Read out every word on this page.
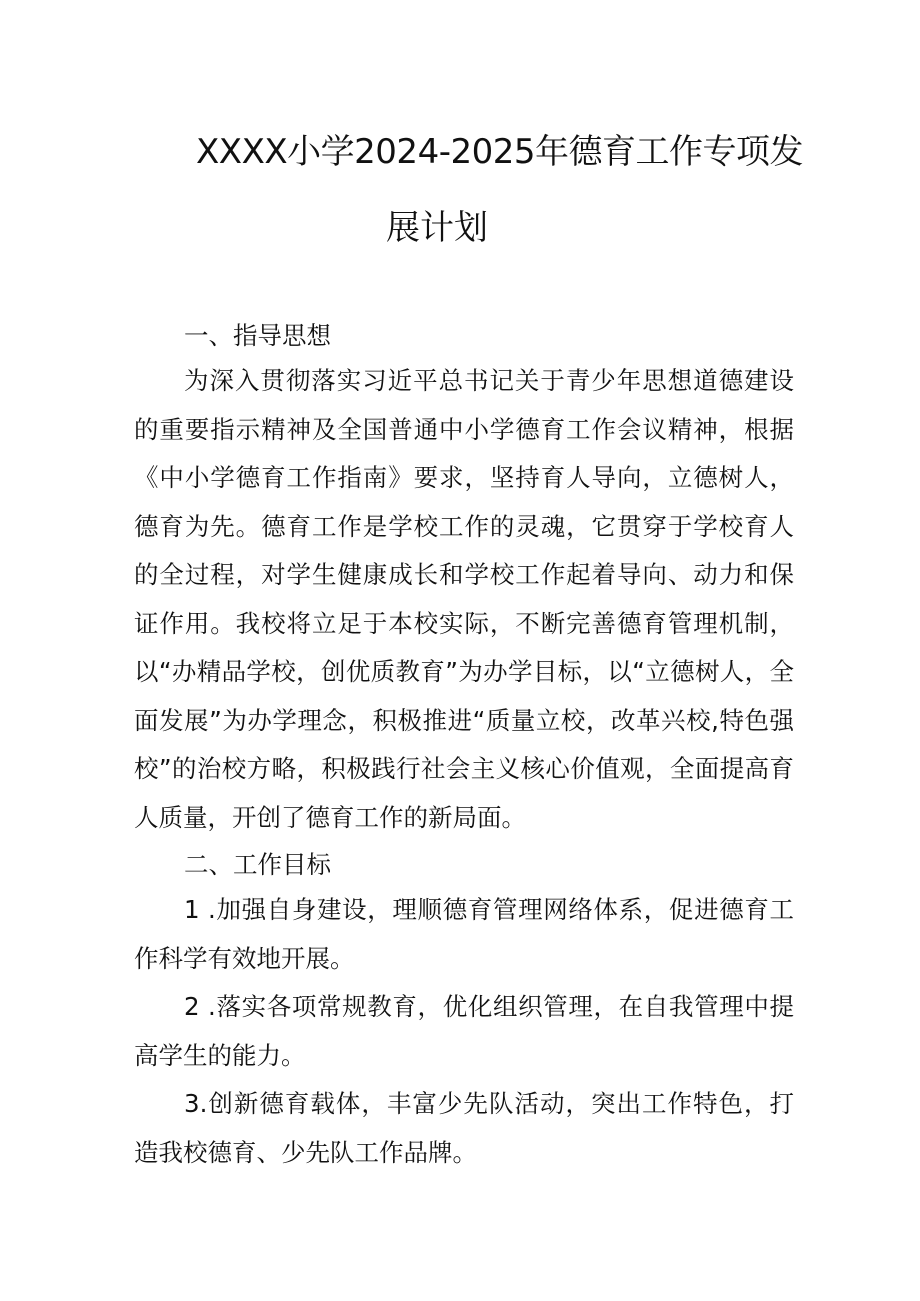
XXXX小学2024-2025年德育工作专项发
展计划
一、指导思想

为深入贯彻落实习近平总书记关于青少年思想道德建设的重要指示精神及全国普通中小学德育工作会议精神，根据《中小学德育工作指南》要求，坚持育人导向，立德树人，德育为先。德育工作是学校工作的灵魂，它贯穿于学校育人的全过程，对学生健康成长和学校工作起着导向、动力和保证作用。我校将立足于本校实际，不断完善德育管理机制，以“办精品学校，创优质教育”为办学目标，以“立德树人，全面发展”为办学理念，积极推进“质量立校，改革兴校,特色强校”的治校方略，积极践行社会主义核心价值观，全面提高育人质量，开创了德育工作的新局面。

二、工作目标

1 .加强自身建设，理顺德育管理网络体系，促进德育工作科学有效地开展。

2 .落实各项常规教育，优化组织管理，在自我管理中提高学生的能力。

3.创新德育载体，丰富少先队活动，突出工作特色，打造我校德育、少先队工作品牌。
